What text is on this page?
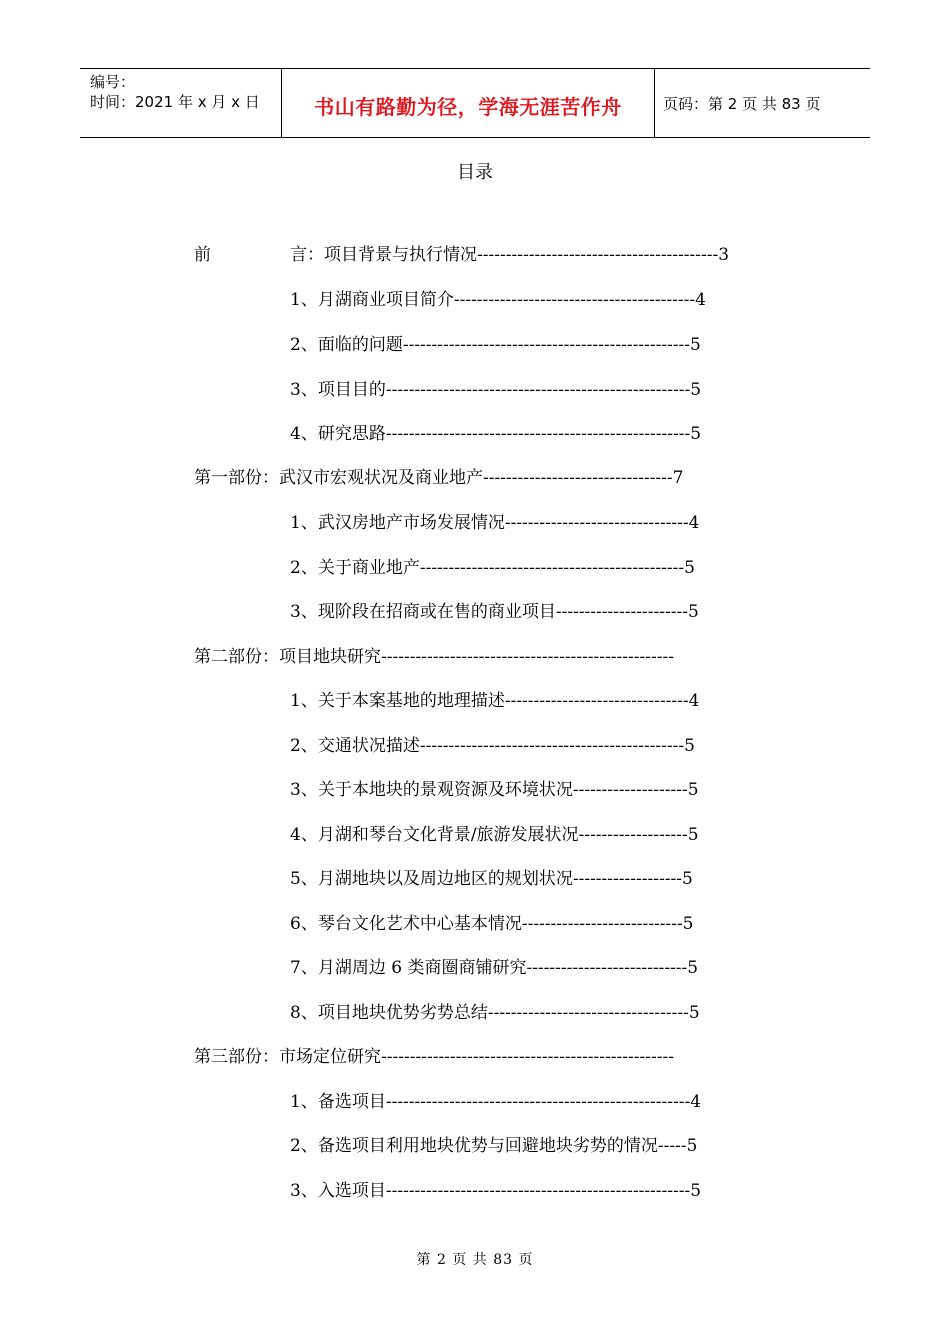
编号：
时间：2021 年 x 月 x 日	书山有路勤为径，学海无涯苦作舟	页码：第 2 页 共 83 页
目录
前	言：项目背景与执行情况------------------------------------------3
1、月湖商业项目简介------------------------------------------4
2、面临的问题--------------------------------------------------5
3、项目目的-----------------------------------------------------5
4、研究思路-----------------------------------------------------5
第一部份：武汉市宏观状况及商业地产---------------------------------7
1、武汉房地产市场发展情况--------------------------------4
2、关于商业地产----------------------------------------------5
3、现阶段在招商或在售的商业项目-----------------------5
第二部份：项目地块研究---------------------------------------------------
1、关于本案基地的地理描述--------------------------------4
2、交通状况描述----------------------------------------------5
3、关于本地块的景观资源及环境状况--------------------5
4、月湖和琴台文化背景/旅游发展状况-------------------5
5、月湖地块以及周边地区的规划状况-------------------5
6、琴台文化艺术中心基本情况----------------------------5
7、月湖周边 6 类商圈商铺研究----------------------------5
8、项目地块优势劣势总结-----------------------------------5
第三部份：市场定位研究---------------------------------------------------
1、备选项目-----------------------------------------------------4
2、备选项目利用地块优势与回避地块劣势的情况-----5
3、入选项目-----------------------------------------------------5
第 2 页 共 83 页
